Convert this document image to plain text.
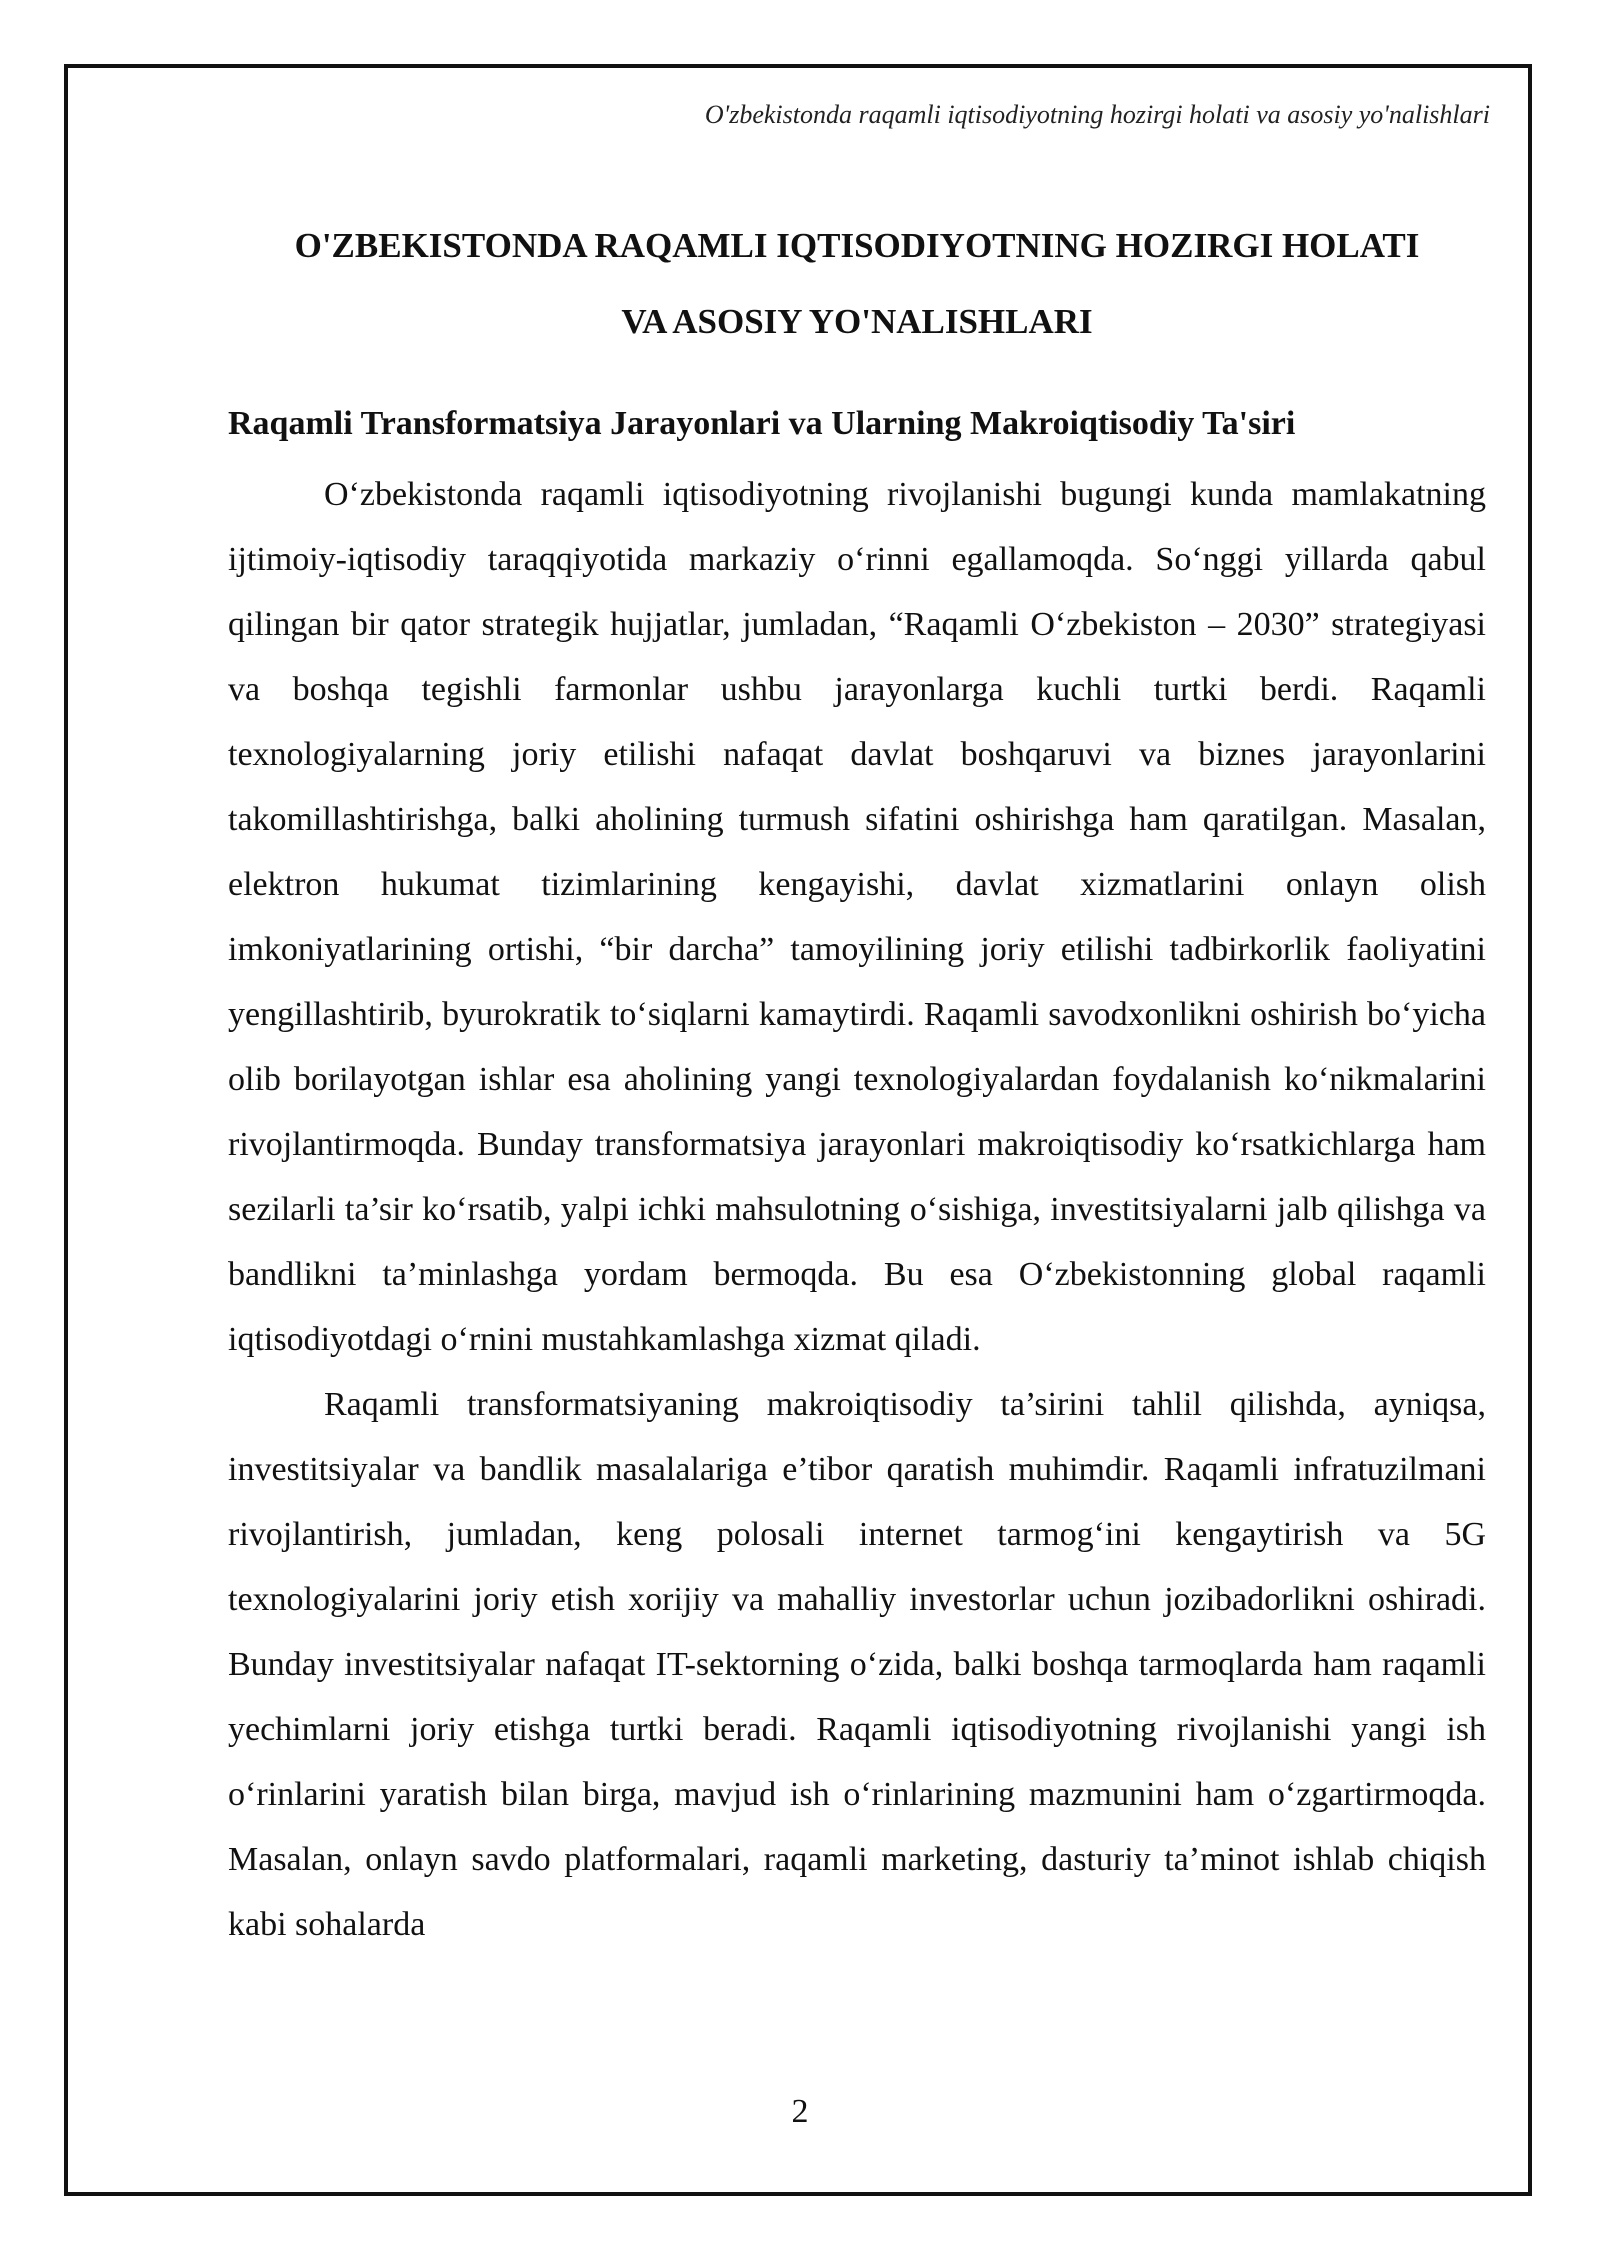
O'zbekistonda raqamli iqtisodiyotning hozirgi holati va asosiy yo'nalishlari
O'ZBEKISTONDA RAQAMLI IQTISODIYOTNING HOZIRGI HOLATI
VA ASOSIY YO'NALISHLARI
Raqamli Transformatsiya Jarayonlari va Ularning Makroiqtisodiy Ta'siri

O‘zbekistonda raqamli iqtisodiyotning rivojlanishi bugungi kunda mamlakatning ijtimoiy-iqtisodiy taraqqiyotida markaziy o‘rinni egallamoqda. So‘nggi yillarda qabul qilingan bir qator strategik hujjatlar, jumladan, “Raqamli O‘zbekiston – 2030” strategiyasi va boshqa tegishli farmonlar ushbu jarayonlarga kuchli turtki berdi. Raqamli texnologiyalarning joriy etilishi nafaqat davlat boshqaruvi va biznes jarayonlarini takomillashtirishga, balki aholining turmush sifatini oshirishga ham qaratilgan. Masalan, elektron hukumat tizimlarining kengayishi, davlat xizmatlarini onlayn olish imkoniyatlarining ortishi, “bir darcha” tamoyilining joriy etilishi tadbirkorlik faoliyatini yengillashtirib, byurokratik to‘siqlarni kamaytirdi. Raqamli savodxonlikni oshirish bo‘yicha olib borilayotgan ishlar esa aholining yangi texnologiyalardan foydalanish ko‘nikmalarini rivojlantirmoqda. Bunday transformatsiya jarayonlari makroiqtisodiy ko‘rsatkichlarga ham sezilarli ta’sir ko‘rsatib, yalpi ichki mahsulotning o‘sishiga, investitsiyalarni jalb qilishga va bandlikni ta’minlashga yordam bermoqda. Bu esa O‘zbekistonning global raqamli iqtisodiyotdagi o‘rnini mustahkamlashga xizmat qiladi.

Raqamli transformatsiyaning makroiqtisodiy ta’sirini tahlil qilishda, ayniqsa, investitsiyalar va bandlik masalalariga e’tibor qaratish muhimdir. Raqamli infratuzilmani rivojlantirish, jumladan, keng polosali internet tarmog‘ini kengaytirish va 5G texnologiyalarini joriy etish xorijiy va mahalliy investorlar uchun jozibadorlikni oshiradi. Bunday investitsiyalar nafaqat IT-sektorning o‘zida, balki boshqa tarmoqlarda ham raqamli yechimlarni joriy etishga turtki beradi. Raqamli iqtisodiyotning rivojlanishi yangi ish o‘rinlarini yaratish bilan birga, mavjud ish o‘rinlarining mazmunini ham o‘zgartirmoqda. Masalan, onlayn savdo platformalari, raqamli marketing, dasturiy ta’minot ishlab chiqish kabi sohalarda

2
